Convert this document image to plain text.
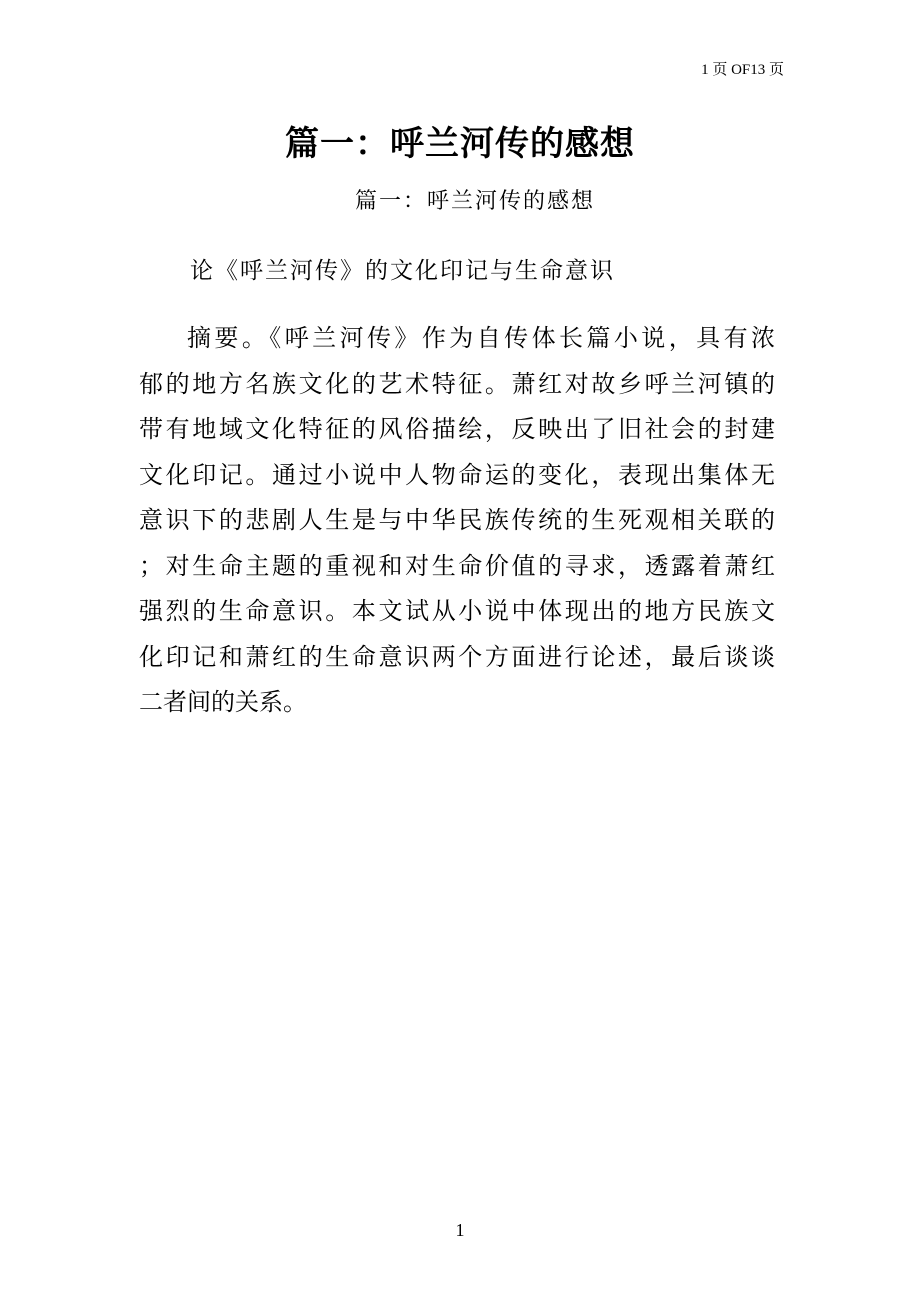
1 页 OF13 页
篇一：呼兰河传的感想
篇一：呼兰河传的感想
论《呼兰河传》的文化印记与生命意识
摘要。《呼兰河传》作为自传体长篇小说，具有浓
郁的地方名族文化的艺术特征。萧红对故乡呼兰河镇的
带有地域文化特征的风俗描绘，反映出了旧社会的封建
文化印记。通过小说中人物命运的变化，表现出集体无
意识下的悲剧人生是与中华民族传统的生死观相关联的
；对生命主题的重视和对生命价值的寻求，透露着萧红
强烈的生命意识。本文试从小说中体现出的地方民族文
化印记和萧红的生命意识两个方面进行论述，最后谈谈
二者间的关系。
1
